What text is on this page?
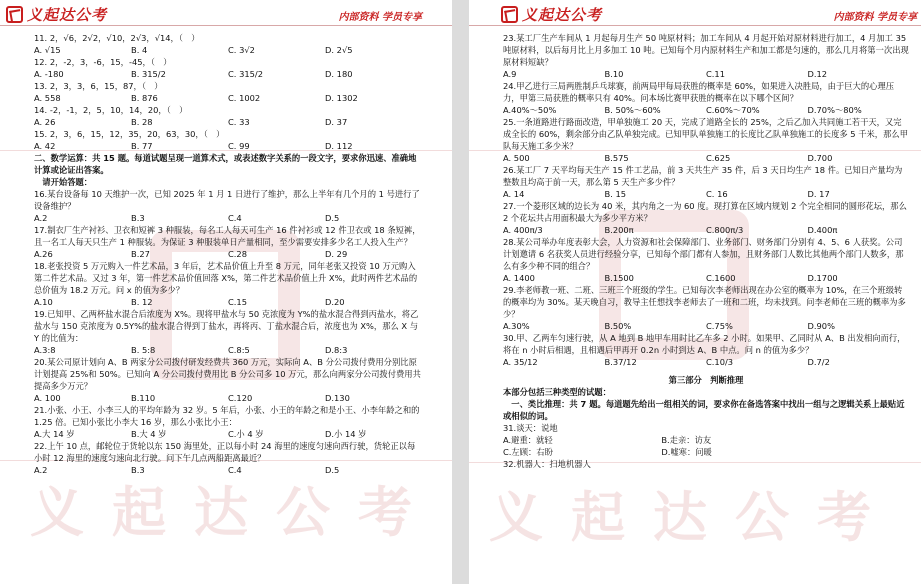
义起达公考
义起达公考	内部资料 学员专享
11. 2，√6，2√2，√10，2√3，√14，（　）
A. √15	B. 4	C. 3√2	D. 2√5
12. 2，-2，3，-6，15，-45，（　）
A. -180	B. 315/2	C. 315/2	D. 180
13. 2，3，3，6，15，87，（　）
A. 558	B. 876	C. 1002	D. 1302
14. -2，-1，2，5，10，14，20，（　）
A. 26	B. 28	C. 33	D. 37
15. 2，3，6，15，12，35，20，63，30，（　）
A. 42	B. 77	C. 99	D. 112
二、数学运算：共 15 题。每道试题呈现一道算术式，或表述数字关系的一段文字，要求你迅速、准确地计算或论证出答案。
　请开始答题：
16.某台设备每 10 天维护一次，已知 2025 年 1 月 1 日进行了维护，那么上半年有几个月的 1 号进行了设备维护？
A.2	B.3	C.4	D.5
17.制衣厂生产衬衫、卫衣和短裤 3 种服装，每名工人每天可生产 16 件衬衫或 12 件卫衣或 18 条短裤，且一名工人每天只生产 1 种服装。为保证 3 种服装单日产量相同，至少需要安排多少名工人投入生产？
A.26	B.27	C.28	D. 29
18.老张投资 5 万元购入一件艺术品，3 年后，艺术品价值上升至 8 万元，同年老张又投资 10 万元购入第二件艺术品。又过 3 年，第一件艺术品价值回落 X%，第二件艺术品价值上升 X%，此时两件艺术品的总价值为 18.2 万元。问 x 的值为多少？
A.10	B. 12	C.15	D.20
19.已知甲、乙两杯盐水混合后浓度为 X%。现将甲盐水与 50 克浓度为 Y%的盐水混合得到丙盐水，将乙盐水与 150 克浓度为 0.5Y%的盐水混合得到丁盐水，再将丙、丁盐水混合后，浓度也为 X%，那么 X 与 Y 的比值为：
A.3:8	B. 5:8	C.8:5	D.8:3
20.某公司原计划向 A、B 两家分公司拨付研发经费共 360 万元，实际向 A、B 分公司拨付费用分别比原计划提高 25%和 50%。已知向 A 分公司拨付费用比 B 分公司多 10 万元，那么向两家分公司拨付费用共提高多少万元？
A. 100	B.110	C.120	D.130
21.小张、小王、小李三人的平均年龄为 32 岁。5 年后，小张、小王的年龄之和是小王、小李年龄之和的 1.25 倍。已知小张比小李大 16 岁，那么小张比小王：
A.大 14 岁	B.大 4 岁	C.小 4 岁	D.小 14 岁
22.上午 10 点，邮轮位于货轮以东 150 海里处，正以每小时 24 海里的速度匀速向西行驶，货轮正以每小时 12 海里的速度匀速向北行驶。问下午几点两船距离最近？
A.2	B.3	C.4	D.5
义起达公考
义起达公考	内部资料 学员专享
23.某工厂生产车间从 1 月起每月生产 50 吨原材料；加工车间从 4 月起开始对原材料进行加工，4 月加工 35 吨原材料，以后每月比上月多加工 10 吨。已知每个月内原材料生产和加工都是匀速的，那么几月将第一次出现原材料短缺？
A.9	B.10	C.11	D.12
24.甲乙进行三局两胜制乒乓球赛，前两局甲每局获胜的概率是 60%，如果进入决胜局，由于巨大的心理压力，甲第三局获胜的概率只有 40%。问本场比赛甲获胜的概率在以下哪个区间？
A.40%～50%	B. 50%～60%	C.60%～70%	D.70%～80%
25.一条道路进行路面改造，甲单独施工 20 天，完成了道路全长的 25%，之后乙加入共同施工若干天，又完成全长的 60%，剩余部分由乙队单独完成。已知甲队单独施工的长度比乙队单独施工的长度多 5 千米，那么甲队每天施工多少米？
A. 500	B.575	C.625	D.700
26.某工厂 7 天平均每天生产 15 件工艺品，前 3 天共生产 35 件，后 3 天日均生产 18 件。已知日产量均为整数且均高于前一天，那么第 5 天生产多少件？
A. 14	B. 15	C. 16	D. 17
27.一个菱形区域的边长为 40 米，其内角之一为 60 度。现打算在区域内规划 2 个完全相同的圆形花坛，那么 2 个花坛共占用面积最大为多少平方米？
A. 400π/3	B.200π	C.800π/3	D.400π
28.某公司举办年度表彰大会，人力资源和社会保障部门、业务部门、财务部门分别有 4、5、6 人获奖。公司计划邀请 6 名获奖人员进行经验分享，已知每个部门都有人参加，且财务部门人数比其他两个部门人数多，那么有多少种不同的组合？
A. 1400	B.1500	C.1600	D.1700
29.李老师教一班、二班、三班三个班级的学生。已知每次李老师出现在办公室的概率为 10%，在三个班级转的概率均为 30%。某天晚自习，教导主任想找李老师去了一班和二班，均未找到。问李老师在三班的概率为多少？
A.30%	B.50%	C.75%	D.90%
30.甲、乙两车匀速行驶，从 A 地到 B 地甲车用时比乙车多 2 小时。如果甲、乙同时从 A、B 出发相向而行，将在 n 小时后相遇，且相遇后甲再开 0.2n 小时到达 A、B 中点。问 n 的值为多少？
A. 35/12	B.37/12	C.10/3	D.7/2
第三部分　判断推理
本部分包括三种类型的试题：
　一、类比推理：共 7 题。每道题先给出一组相关的词，要求你在备选答案中找出一组与之逻辑关系上最贴近或相似的词。
31.谈天：说地
A.避重：就轻	B.走亲：访友
C.左顾：右盼	D.嘘寒：问暖
32.机器人：扫地机器人
